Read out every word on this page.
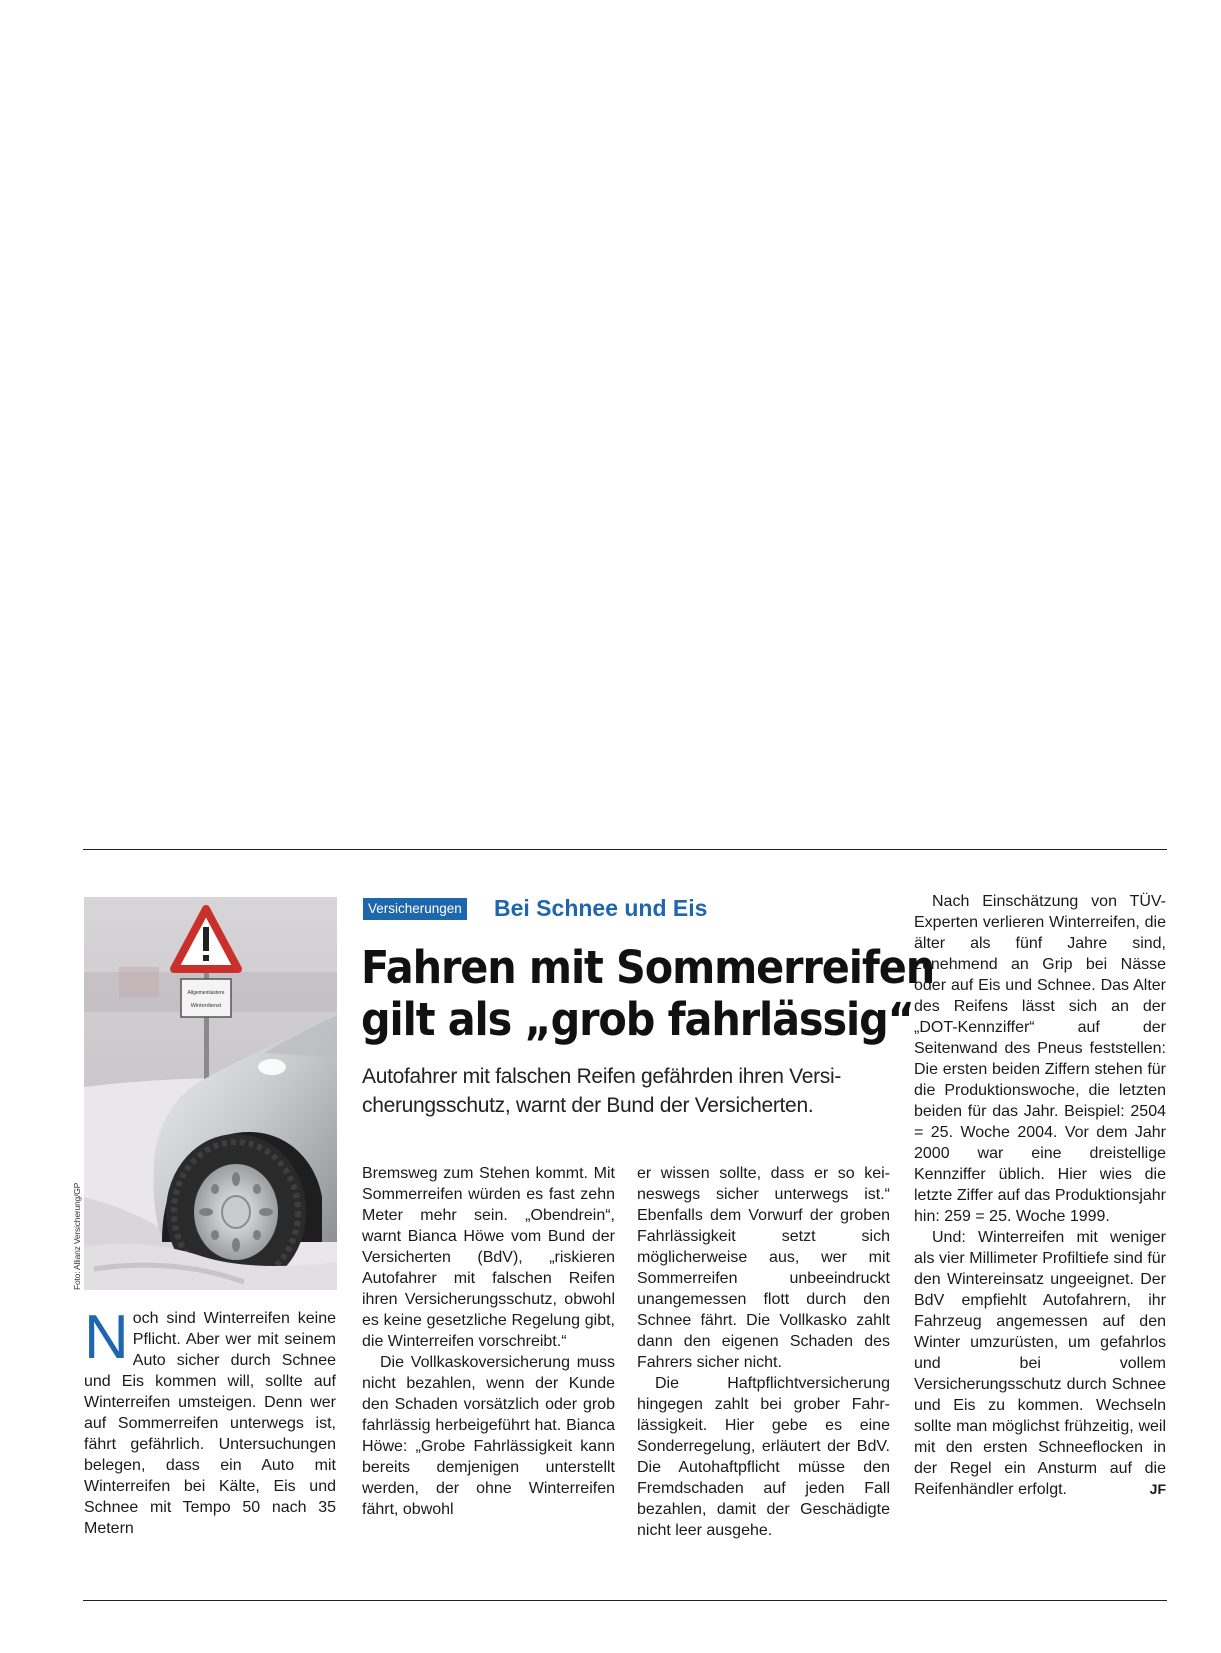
Allgemeinlastere
Winterdienst
Foto: Allianz Versicherung/GP
Versicherungen Bei Schnee und Eis
Fahren mit Sommerreifen
gilt als „grob fahrlässig“
Autofahrer mit falschen Reifen gefährden ihren Versi-cherungsschutz, warnt der Bund der Versicherten.

Noch sind Winterreifen keine Pflicht. Aber wer mit seinem Auto sicher durch Schnee und Eis kommen will, sollte auf Winterreifen umsteigen. Denn wer auf Sommerreifen unterwegs ist, fährt gefährlich. Untersuchungen belegen, dass ein Auto mit Winterreifen bei Kälte, Eis und Schnee mit Tempo 50 nach 35 Metern

Bremsweg zum Stehen kommt. Mit Sommerreifen würden es fast zehn Meter mehr sein. „Obendrein“, warnt Bianca Höwe vom Bund der Versicherten (BdV), „riskieren Autofahrer mit falschen Reifen ihren Versicherungsschutz, obwohl es keine gesetzliche Regelung gibt, die Winterreifen vorschreibt.“

Die Vollkaskoversicherung muss nicht bezahlen, wenn der Kunde den Schaden vorsätzlich oder grob fahrlässig herbeigeführt hat. Bianca Höwe: „Grobe Fahrlässigkeit kann bereits demjenigen unterstellt werden, der ohne Winterreifen fährt, obwohl

er wissen sollte, dass er so keineswegs sicher unterwegs ist.“ Ebenfalls dem Vorwurf der groben Fahrlässigkeit setzt sich möglicherweise aus, wer mit Sommerreifen unbeeindruckt unangemessen flott durch den Schnee fährt. Die Vollkasko zahlt dann den eigenen Schaden des Fahrers sicher nicht.

Die Haftpflichtversicherung hingegen zahlt bei grober Fahrlässigkeit. Hier gebe es eine Sonderregelung, erläutert der BdV. Die Autohaftpflicht müsse den Fremdschaden auf jeden Fall bezahlen, damit der Geschädigte nicht leer ausgehe.

Nach Einschätzung von TÜV-Experten verlieren Winterreifen, die älter als fünf Jahre sind, zunehmend an Grip bei Nässe oder auf Eis und Schnee. Das Alter des Reifens lässt sich an der „DOT-Kennziffer“ auf der Seitenwand des Pneus feststellen: Die ersten beiden Ziffern stehen für die Produktionswoche, die letzten beiden für das Jahr. Beispiel: 2504 = 25. Woche 2004. Vor dem Jahr 2000 war eine dreistellige Kennziffer üblich. Hier wies die letzte Ziffer auf das Produktionsjahr hin: 259 = 25. Woche 1999.

Und: Winterreifen mit weniger als vier Millimeter Profiltiefe sind für den Wintereinsatz ungeeignet. Der BdV empfiehlt Autofahrern, ihr Fahrzeug angemessen auf den Winter umzurüsten, um gefahrlos und bei vollem Versicherungsschutz durch Schnee und Eis zu kommen. Wechseln sollte man möglichst frühzeitig, weil mit den ersten Schneeflocken in der Regel ein Ansturm auf die Reifenhändler erfolgt.	JF
